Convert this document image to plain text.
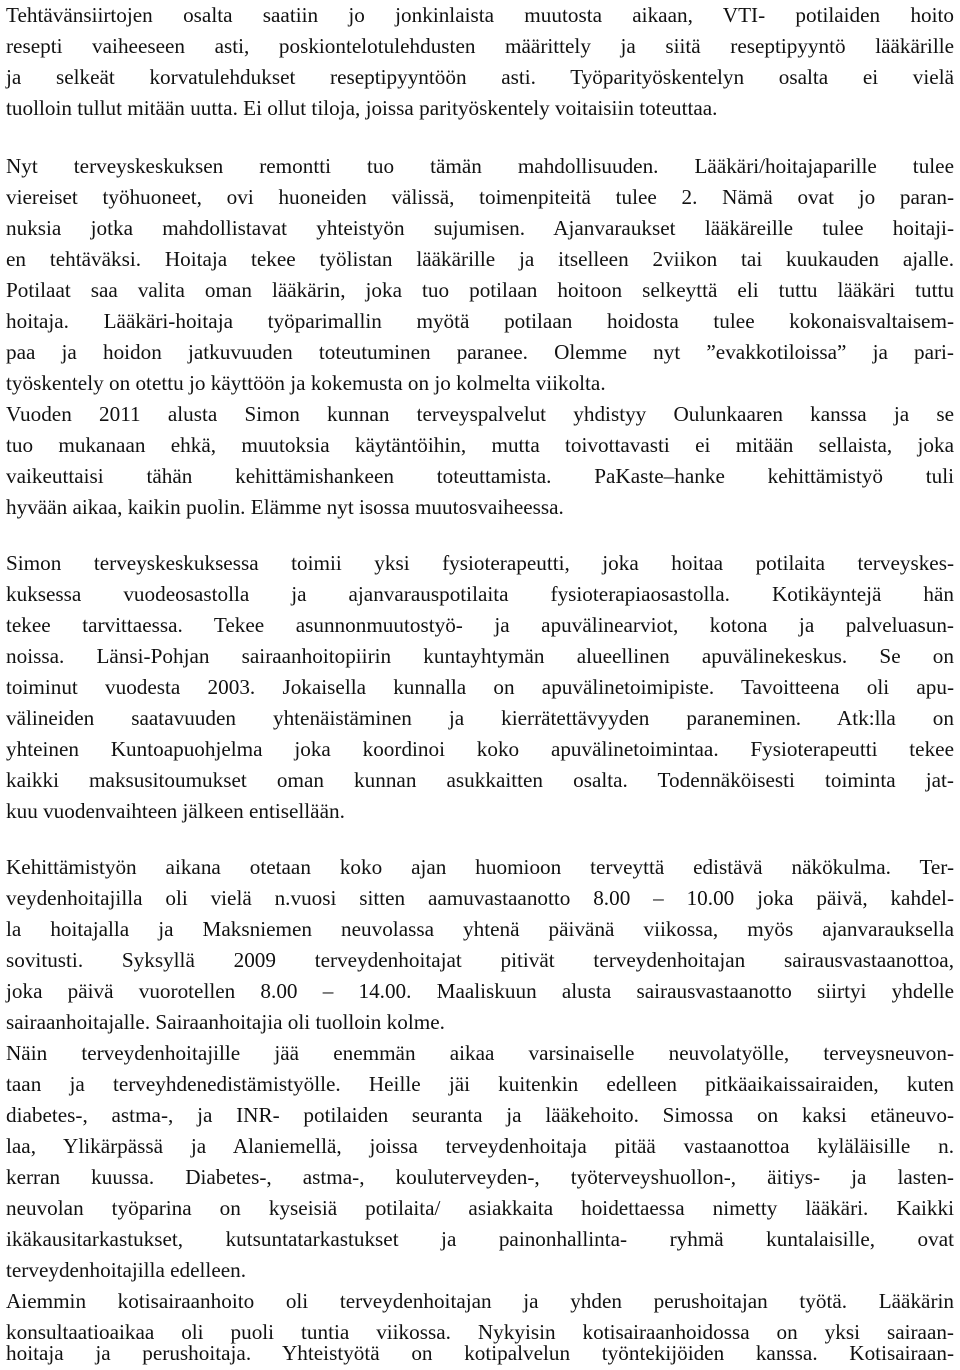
Tehtävänsiirtojen osalta saatiin jo jonkinlaista muutosta aikaan, VTI- potilaiden hoito
resepti vaiheeseen asti, poskiontelotulehdusten määrittely ja siitä reseptipyyntö lääkärille
ja selkeät korvatulehdukset reseptipyyntöön asti. Työparityöskentelyn osalta ei vielä
tuolloin tullut mitään uutta. Ei ollut tiloja, joissa parityöskentely voitaisiin toteuttaa.
Nyt terveyskeskuksen remontti tuo tämän mahdollisuuden. Lääkäri/hoitajaparille tulee
viereiset työhuoneet, ovi huoneiden välissä, toimenpiteitä tulee 2. Nämä ovat jo paran-
nuksia jotka mahdollistavat yhteistyön sujumisen. Ajanvaraukset lääkäreille tulee hoitaji-
en tehtäväksi. Hoitaja tekee työlistan lääkärille ja itselleen 2viikon tai kuukauden ajalle.
Potilaat saa valita oman lääkärin, joka tuo potilaan hoitoon selkeyttä eli tuttu lääkäri tuttu
hoitaja. Lääkäri-hoitaja työparimallin myötä potilaan hoidosta tulee kokonaisvaltaisem-
paa ja hoidon jatkuvuuden toteutuminen paranee. Olemme nyt ”evakkotiloissa” ja pari-
työskentely on otettu jo käyttöön ja kokemusta on jo kolmelta viikolta.
Vuoden 2011 alusta Simon kunnan terveyspalvelut yhdistyy Oulunkaaren kanssa ja se
tuo mukanaan ehkä, muutoksia käytäntöihin, mutta toivottavasti ei mitään sellaista, joka
vaikeuttaisi tähän kehittämishankeen toteuttamista. PaKaste–hanke kehittämistyö tuli
hyvään aikaa, kaikin puolin. Elämme nyt isossa muutosvaiheessa.
Simon terveyskeskuksessa toimii yksi fysioterapeutti, joka hoitaa potilaita terveyskes-
kuksessa vuodeosastolla ja ajanvarauspotilaita fysioterapiaosastolla. Kotikäyntejä hän
tekee tarvittaessa. Tekee asunnonmuutostyö- ja apuvälinearviot, kotona ja palveluasun-
noissa. Länsi-Pohjan sairaanhoitopiirin kuntayhtymän alueellinen apuvälinekeskus. Se on
toiminut vuodesta 2003. Jokaisella kunnalla on apuvälinetoimipiste. Tavoitteena oli apu-
välineiden saatavuuden yhtenäistäminen ja kierrätettävyyden paraneminen. Atk:lla on
yhteinen Kuntoapuohjelma joka koordinoi koko apuvälinetoimintaa. Fysioterapeutti tekee
kaikki maksusitoumukset oman kunnan asukkaitten osalta. Todennäköisesti toiminta jat-
kuu vuodenvaihteen jälkeen entisellään.
Kehittämistyön aikana otetaan koko ajan huomioon terveyttä edistävä näkökulma. Ter-
veydenhoitajilla oli vielä n.vuosi sitten aamuvastaanotto 8.00 – 10.00 joka päivä, kahdel-
la hoitajalla ja Maksniemen neuvolassa yhtenä päivänä viikossa, myös ajanvarauksella
sovitusti. Syksyllä 2009 terveydenhoitajat pitivät terveydenhoitajan sairausvastaanottoa,
joka päivä vuorotellen 8.00 – 14.00. Maaliskuun alusta sairausvastaanotto siirtyi yhdelle
sairaanhoitajalle. Sairaanhoitajia oli tuolloin kolme.
Näin terveydenhoitajille jää enemmän aikaa varsinaiselle neuvolatyölle, terveysneuvon-
taan ja terveyhdenedistämistyölle. Heille jäi kuitenkin edelleen pitkäaikaissairaiden, kuten
diabetes-, astma-, ja INR- potilaiden seuranta ja lääkehoito. Simossa on kaksi etäneuvo-
laa, Ylikärpässä ja Alaniemellä, joissa terveydenhoitaja pitää vastaanottoa kyläläisille n.
kerran kuussa. Diabetes-, astma-, kouluterveyden-, työterveyshuollon-, äitiys- ja lasten-
neuvolan työparina on kyseisiä potilaita/ asiakkaita hoidettaessa nimetty lääkäri. Kaikki
ikäkausitarkastukset, kutsuntatarkastukset ja painonhallinta- ryhmä kuntalaisille, ovat
terveydenhoitajilla edelleen.
Aiemmin kotisairaanhoito oli terveydenhoitajan ja yhden perushoitajan työtä. Lääkärin
konsultaatioaikaa oli puoli tuntia viikossa. Nykyisin kotisairaanhoidossa on yksi sairaan-
hoitaja ja perushoitaja. Yhteistyötä on kotipalvelun työntekijöiden kanssa. Kotisairaan-
